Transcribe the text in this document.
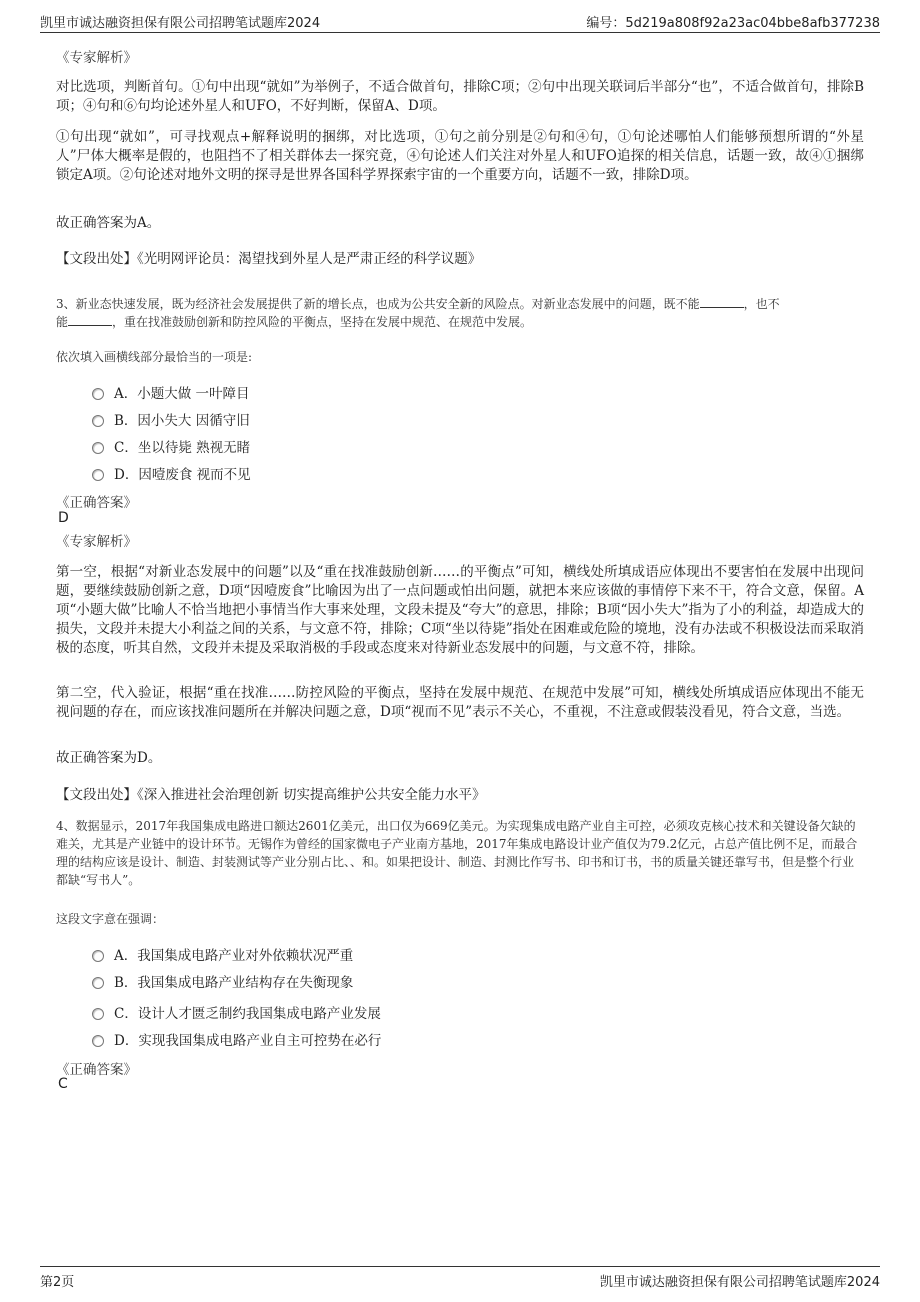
凯里市诚达融资担保有限公司招聘笔试题库2024	编号：5d219a808f92a23ac04bbe8afb377238
《专家解析》
对比选项，判断首句。①句中出现“就如”为举例子，不适合做首句，排除C项；②句中出现关联词后半部分“也”，不适合做首句，排除B项；④句和⑥句均论述外星人和UFO，不好判断，保留A、D项。
①句出现“就如”，可寻找观点+解释说明的捆绑，对比选项，①句之前分别是②句和④句，①句论述哪怕人们能够预想所谓的“外星人”尸体大概率是假的，也阻挡不了相关群体去一探究竟，④句论述人们关注对外星人和UFO追探的相关信息，话题一致，故④①捆绑锁定A项。②句论述对地外文明的探寻是世界各国科学界探索宇宙的一个重要方向，话题不一致，排除D项。
故正确答案为A。
【文段出处】《光明网评论员：渴望找到外星人是严肃正经的科学议题》
3、新业态快速发展，既为经济社会发展提供了新的增长点，也成为公共安全新的风险点。对新业态发展中的问题，既不能	，也不
能	，重在找准鼓励创新和防控风险的平衡点，坚持在发展中规范、在规范中发展。
依次填入画横线部分最恰当的一项是:
A． 小题大做 一叶障目
B． 因小失大 因循守旧
C． 坐以待毙 熟视无睹
D． 因噎废食 视而不见
《正确答案》
D
《专家解析》
第一空，根据“对新业态发展中的问题”以及“重在找准鼓励创新……的平衡点”可知，横线处所填成语应体现出不要害怕在发展中出现问题，要继续鼓励创新之意，D项“因噎废食”比喻因为出了一点问题或怕出问题，就把本来应该做的事情停下来不干，符合文意，保留。A项“小题大做”比喻人不恰当地把小事情当作大事来处理，文段未提及“夸大”的意思，排除；B项“因小失大”指为了小的利益，却造成大的损失，文段并未提大小利益之间的关系，与文意不符，排除；C项“坐以待毙”指处在困难或危险的境地，没有办法或不积极设法而采取消极的态度，听其自然，文段并未提及采取消极的手段或态度来对待新业态发展中的问题，与文意不符，排除。
第二空，代入验证，根据“重在找准……防控风险的平衡点，坚持在发展中规范、在规范中发展”可知，横线处所填成语应体现出不能无视问题的存在，而应该找准问题所在并解决问题之意，D项“视而不见”表示不关心，不重视，不注意或假装没看见，符合文意，当选。
故正确答案为D。
【文段出处】《深入推进社会治理创新 切实提高维护公共安全能力水平》
4、数据显示，2017年我国集成电路进口额达2601亿美元，出口仅为669亿美元。为实现集成电路产业自主可控，必须攻克核心技术和关键设备欠缺的难关，尤其是产业链中的设计环节。无锡作为曾经的国家微电子产业南方基地，2017年集成电路设计业产值仅为79.2亿元，占总产值比例不足，而最合理的结构应该是设计、制造、封装测试等产业分别占比、、和。如果把设计、制造、封测比作写书、印书和订书，书的质量关键还靠写书，但是整个行业都缺“写书人”。
这段文字意在强调：
A． 我国集成电路产业对外依赖状况严重
B． 我国集成电路产业结构存在失衡现象
C． 设计人才匮乏制约我国集成电路产业发展
D． 实现我国集成电路产业自主可控势在必行
《正确答案》
C
第2页	凯里市诚达融资担保有限公司招聘笔试题库2024
